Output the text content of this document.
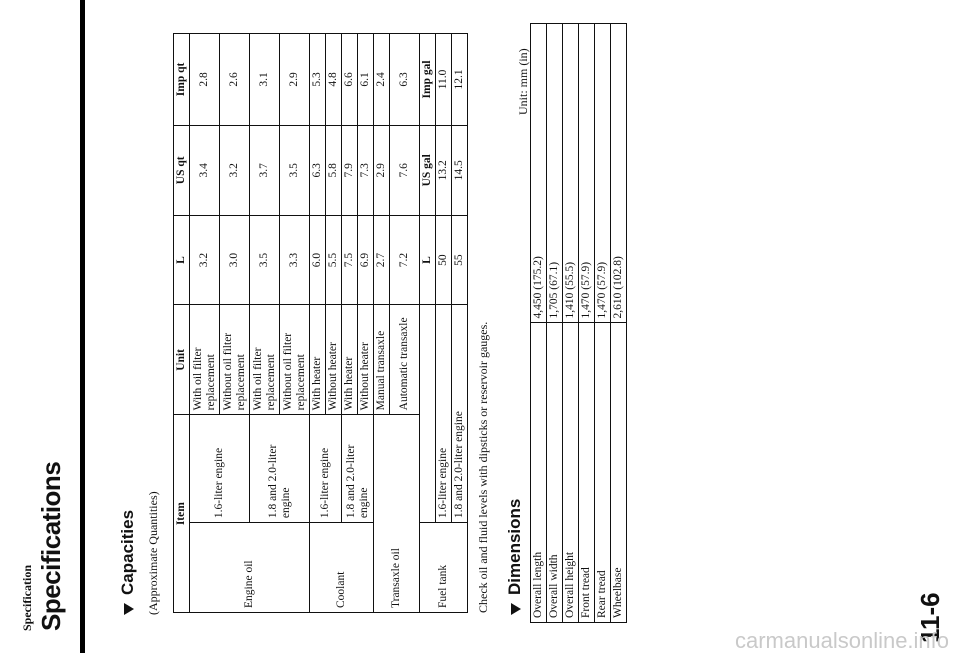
Specification Specifications	Capacities (Approximate Quantities) Item		Unit	L	US qt	Imp qt
Engine oil	1.6-liter engine	With oil filter replacement	3.2	3.4	2.8
		Without oil filter replacement	3.0	3.2	2.6
	1.8 and 2.0-liter engine	With oil filter replacement	3.5	3.7	3.1
		Without oil filter replacement	3.3	3.5	2.9
Coolant	1.6-liter engine	With heater	6.0	6.3	5.3
		Without heater	5.5	5.8	4.8
	1.8 and 2.0-liter engine	With heater	7.5	7.9	6.6
		Without heater	6.9	7.3	6.1
Transaxle oil		Manual transaxle	2.7	2.9	2.4
		Automatic transaxle	7.2	7.6	6.3
Fuel tank			L	US gal	Imp gal
	1.6-liter engine		50	13.2	11.0
	1.8 and 2.0-liter engine		55	14.5	12.1
Check oil and fluid levels with dipsticks or reservoir gauges. Dimensions
Unit: mm (in)
Overall length	4,450 (175.2)
Overall width	1,705 (67.1)
Overall height	1,410 (55.5)
Front tread	1,470 (57.9)
Rear tread	1,470 (57.9)
Wheelbase	2,610 (102.8)
11-6
carmanualsonline.info
